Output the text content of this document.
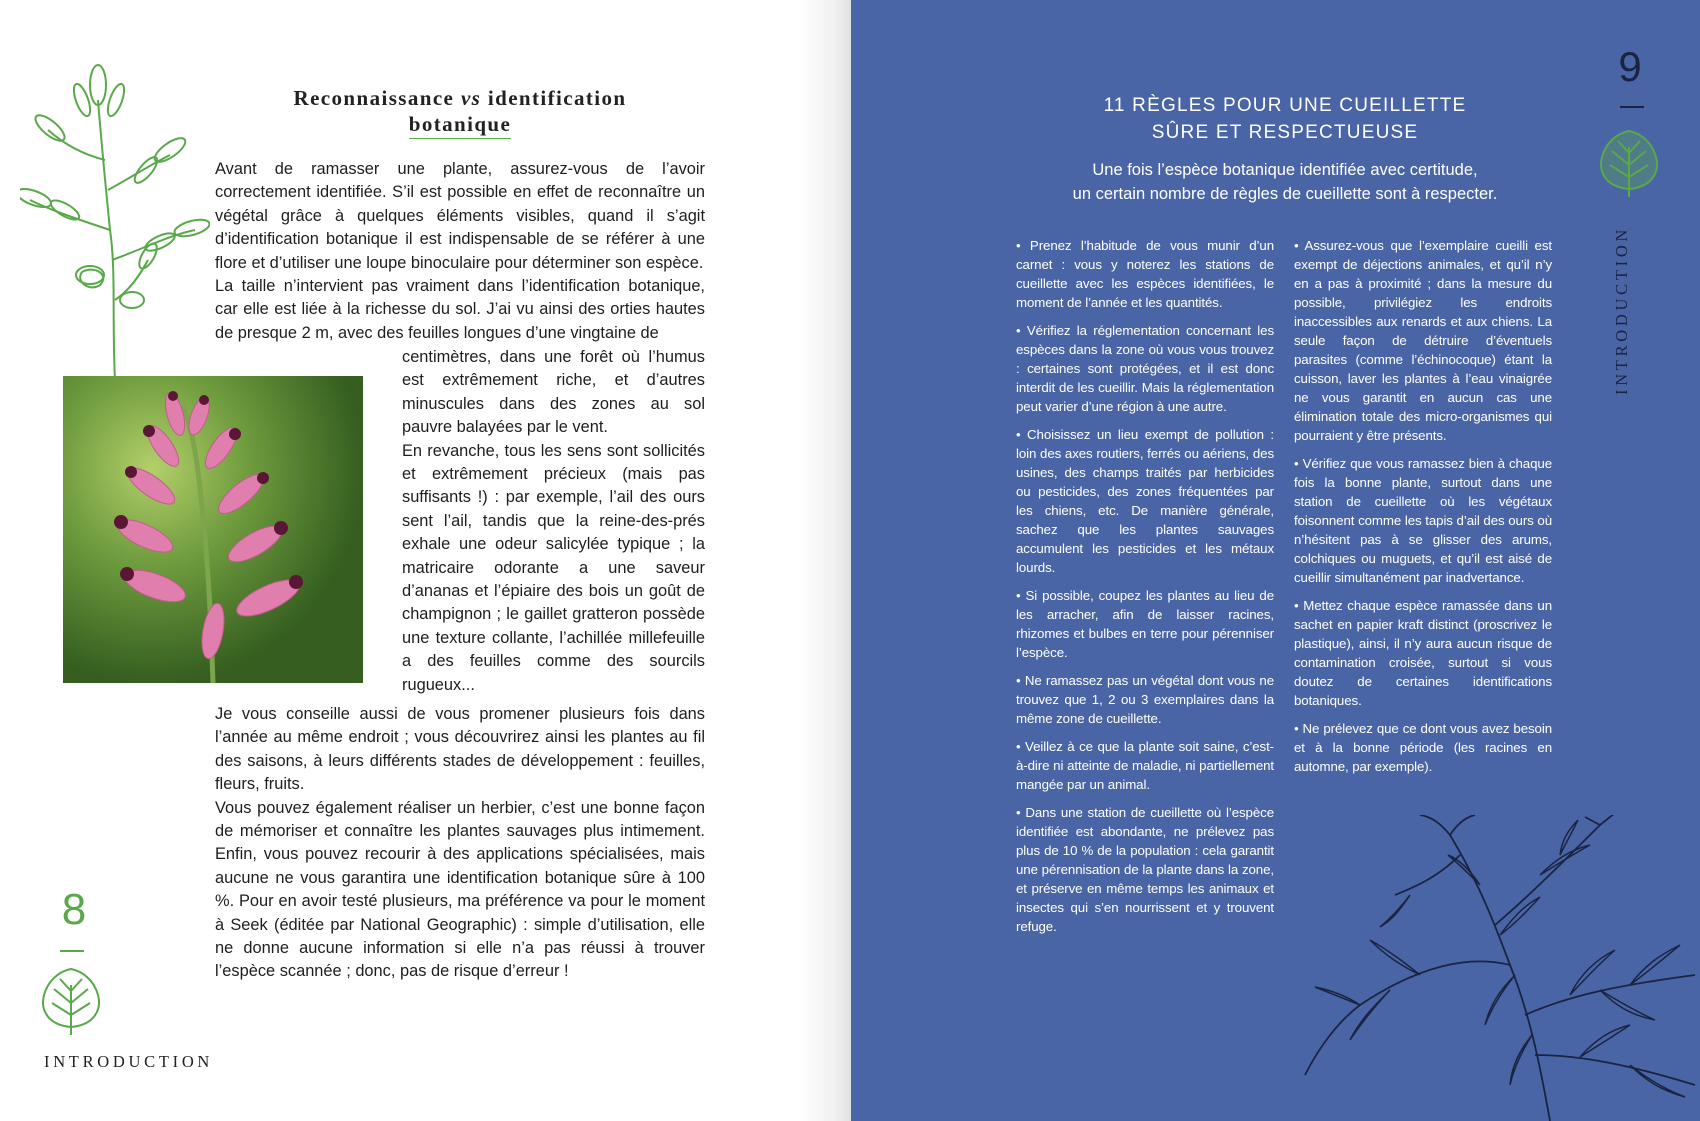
Reconnaissance vs identification
botanique

Avant de ramasser une plante, assurez-vous de l’avoir correctement identifiée. S’il est possible en effet de reconnaître un végétal grâce à quelques éléments visibles, quand il s’agit d’identification botanique il est indispensable de se référer à une flore et d’utiliser une loupe binoculaire pour déterminer son espèce.
La taille n’intervient pas vraiment dans l’identification botanique, car elle est liée à la richesse du sol. J’ai vu ainsi des orties hautes de presque 2 m, avec des feuilles longues d’une vingtaine de

centimètres, dans une forêt où l’humus est extrêmement riche, et d’autres minuscules dans des zones au sol pauvre balayées par le vent.
En revanche, tous les sens sont sollicités et extrêmement précieux (mais pas suffisants !) : par exemple, l’ail des ours sent l’ail, tandis que la reine-des-prés exhale une odeur salicylée typique ; la matricaire odorante a une saveur d’ananas et l’épiaire des bois un goût de champignon ; le gaillet gratteron possède une texture collante, l’achillée millefeuille a des feuilles comme des sourcils rugueux...

Je vous conseille aussi de vous promener plusieurs fois dans l’année au même endroit ; vous découvrirez ainsi les plantes au fil des saisons, à leurs différents stades de développement : feuilles, fleurs, fruits.
Vous pouvez également réaliser un herbier, c’est une bonne façon de mémoriser et connaître les plantes sauvages plus intimement. Enfin, vous pouvez recourir à des applications spécialisées, mais aucune ne vous garantira une identification botanique sûre à 100 %. Pour en avoir testé plusieurs, ma préférence va pour le moment à Seek (éditée par National Geographic) : simple d’utilisation, elle ne donne aucune information si elle n’a pas réussi à trouver l’espèce scannée ; donc, pas de risque d’erreur !

8
INTRODUCTION
11 RÈGLES POUR UNE CUEILLETTE
SÛRE ET RESPECTUEUSE
Une fois l’espèce botanique identifiée avec certitude,
un certain nombre de règles de cueillette sont à respecter.

• Prenez l’habitude de vous munir d’un carnet : vous y noterez les stations de cueillette avec les espèces identifiées, le moment de l’année et les quantités.

• Vérifiez la réglementation concernant les espèces dans la zone où vous vous trouvez : certaines sont protégées, et il est donc interdit de les cueillir. Mais la réglementation peut varier d’une région à une autre.

• Choisissez un lieu exempt de pollution : loin des axes routiers, ferrés ou aériens, des usines, des champs traités par herbicides ou pesticides, des zones fréquentées par les chiens, etc. De manière générale, sachez que les plantes sauvages accumulent les pesticides et les métaux lourds.

• Si possible, coupez les plantes au lieu de les arracher, afin de laisser racines, rhizomes et bulbes en terre pour pérenniser l’espèce.

• Ne ramassez pas un végétal dont vous ne trouvez que 1, 2 ou 3 exemplaires dans la même zone de cueillette.

• Veillez à ce que la plante soit saine, c’est-à-dire ni atteinte de maladie, ni partiellement mangée par un animal.

• Dans une station de cueillette où l’espèce identifiée est abondante, ne prélevez pas plus de 10 % de la population : cela garantit une pérennisation de la plante dans la zone, et préserve en même temps les animaux et insectes qui s’en nourrissent et y trouvent refuge.

• Assurez-vous que l’exemplaire cueilli est exempt de déjections animales, et qu’il n’y en a pas à proximité ; dans la mesure du possible, privilégiez les endroits inaccessibles aux renards et aux chiens. La seule façon de détruire d’éventuels parasites (comme l’échinocoque) étant la cuisson, laver les plantes à l’eau vinaigrée ne vous garantit en aucun cas une élimination totale des micro-organismes qui pourraient y être présents.

• Vérifiez que vous ramassez bien à chaque fois la bonne plante, surtout dans une station de cueillette où les végétaux foisonnent comme les tapis d’ail des ours où n’hésitent pas à se glisser des arums, colchiques ou muguets, et qu’il est aisé de cueillir simultanément par inadvertance.

• Mettez chaque espèce ramassée dans un sachet en papier kraft distinct (proscrivez le plastique), ainsi, il n’y aura aucun risque de contamination croisée, surtout si vous doutez de certaines identifications botaniques.

• Ne prélevez que ce dont vous avez besoin et à la bonne période (les racines en automne, par exemple).

9
INTRODUCTION
